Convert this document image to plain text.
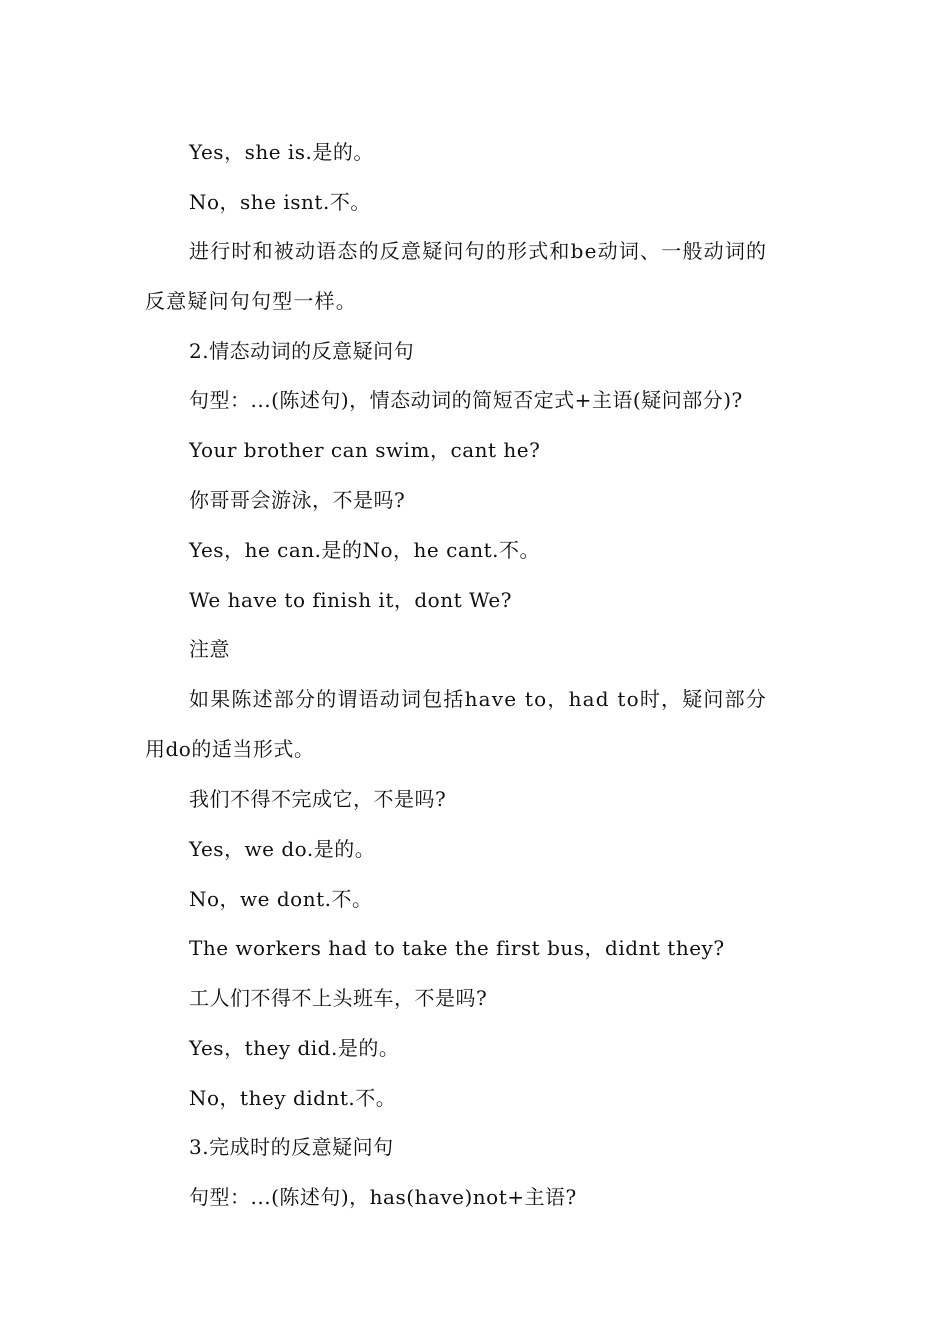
Yes，she is.是的。
No，she isnt.不。
进行时和被动语态的反意疑问句的形式和be动词、一般动词的
反意疑问句句型一样。
2.情态动词的反意疑问句
句型：...(陈述句)，情态动词的简短否定式+主语(疑问部分)?
Your brother can swim，cant he?
你哥哥会游泳，不是吗?
Yes，he can.是的No，he cant.不。
We have to finish it，dont We?
注意
如果陈述部分的谓语动词包括have to，had to时，疑问部分
用do的适当形式。
我们不得不完成它，不是吗?
Yes，we do.是的。
No，we dont.不。
The workers had to take the first bus，didnt they?
工人们不得不上头班车，不是吗?
Yes，they did.是的。
No，they didnt.不。
3.完成时的反意疑问句
句型：...(陈述句)，has(have)not+主语?
